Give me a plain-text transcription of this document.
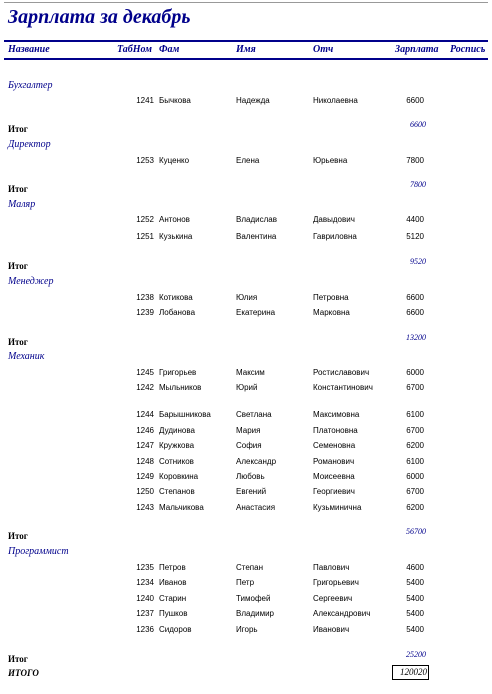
Зарплата за декабрь
Название	ТабНом Фам	Имя	Отч	Зарплата Роспись
Бухгалтер
1241 Бычкова	Надежда	Николаевна	6600
Итог	6600
Директор
1253 Куценко	Елена	Юрьевна	7800
Итог	7800
Маляр
1252 Антонов	Владислав	Давыдович	4400
1251 Кузькина	Валентина	Гавриловна	5120
Итог	9520
Менеджер
1238 Котикова	Юлия	Петровна	6600
1239 Лобанова	Екатерина	Марковна	6600
Итог	13200
Механик
1245 Григорьев	Максим	Ростиславович	6000
1242 Мыльников	Юрий	Константинович	6700
1244 Барышникова	Светлана	Максимовна	6100
1246 Дудинова	Мария	Платоновна	6700
1247 Кружкова	София	Семеновна	6200
1248 Сотников	Александр	Романович	6100
1249 Коровкина	Любовь	Моисеевна	6000
1250 Степанов	Евгений	Георгиевич	6700
1243 Мальчикова	Анастасия	Кузьминична	6200
Итог	56700
Программист
1235 Петров	Степан	Павлович	4600
1234 Иванов	Петр	Григорьевич	5400
1240 Старин	Тимофей	Сергеевич	5400
1237 Пушков	Владимир	Александрович	5400
1236 Сидоров	Игорь	Иванович	5400
Итог	25200
ИТОГО	120020
